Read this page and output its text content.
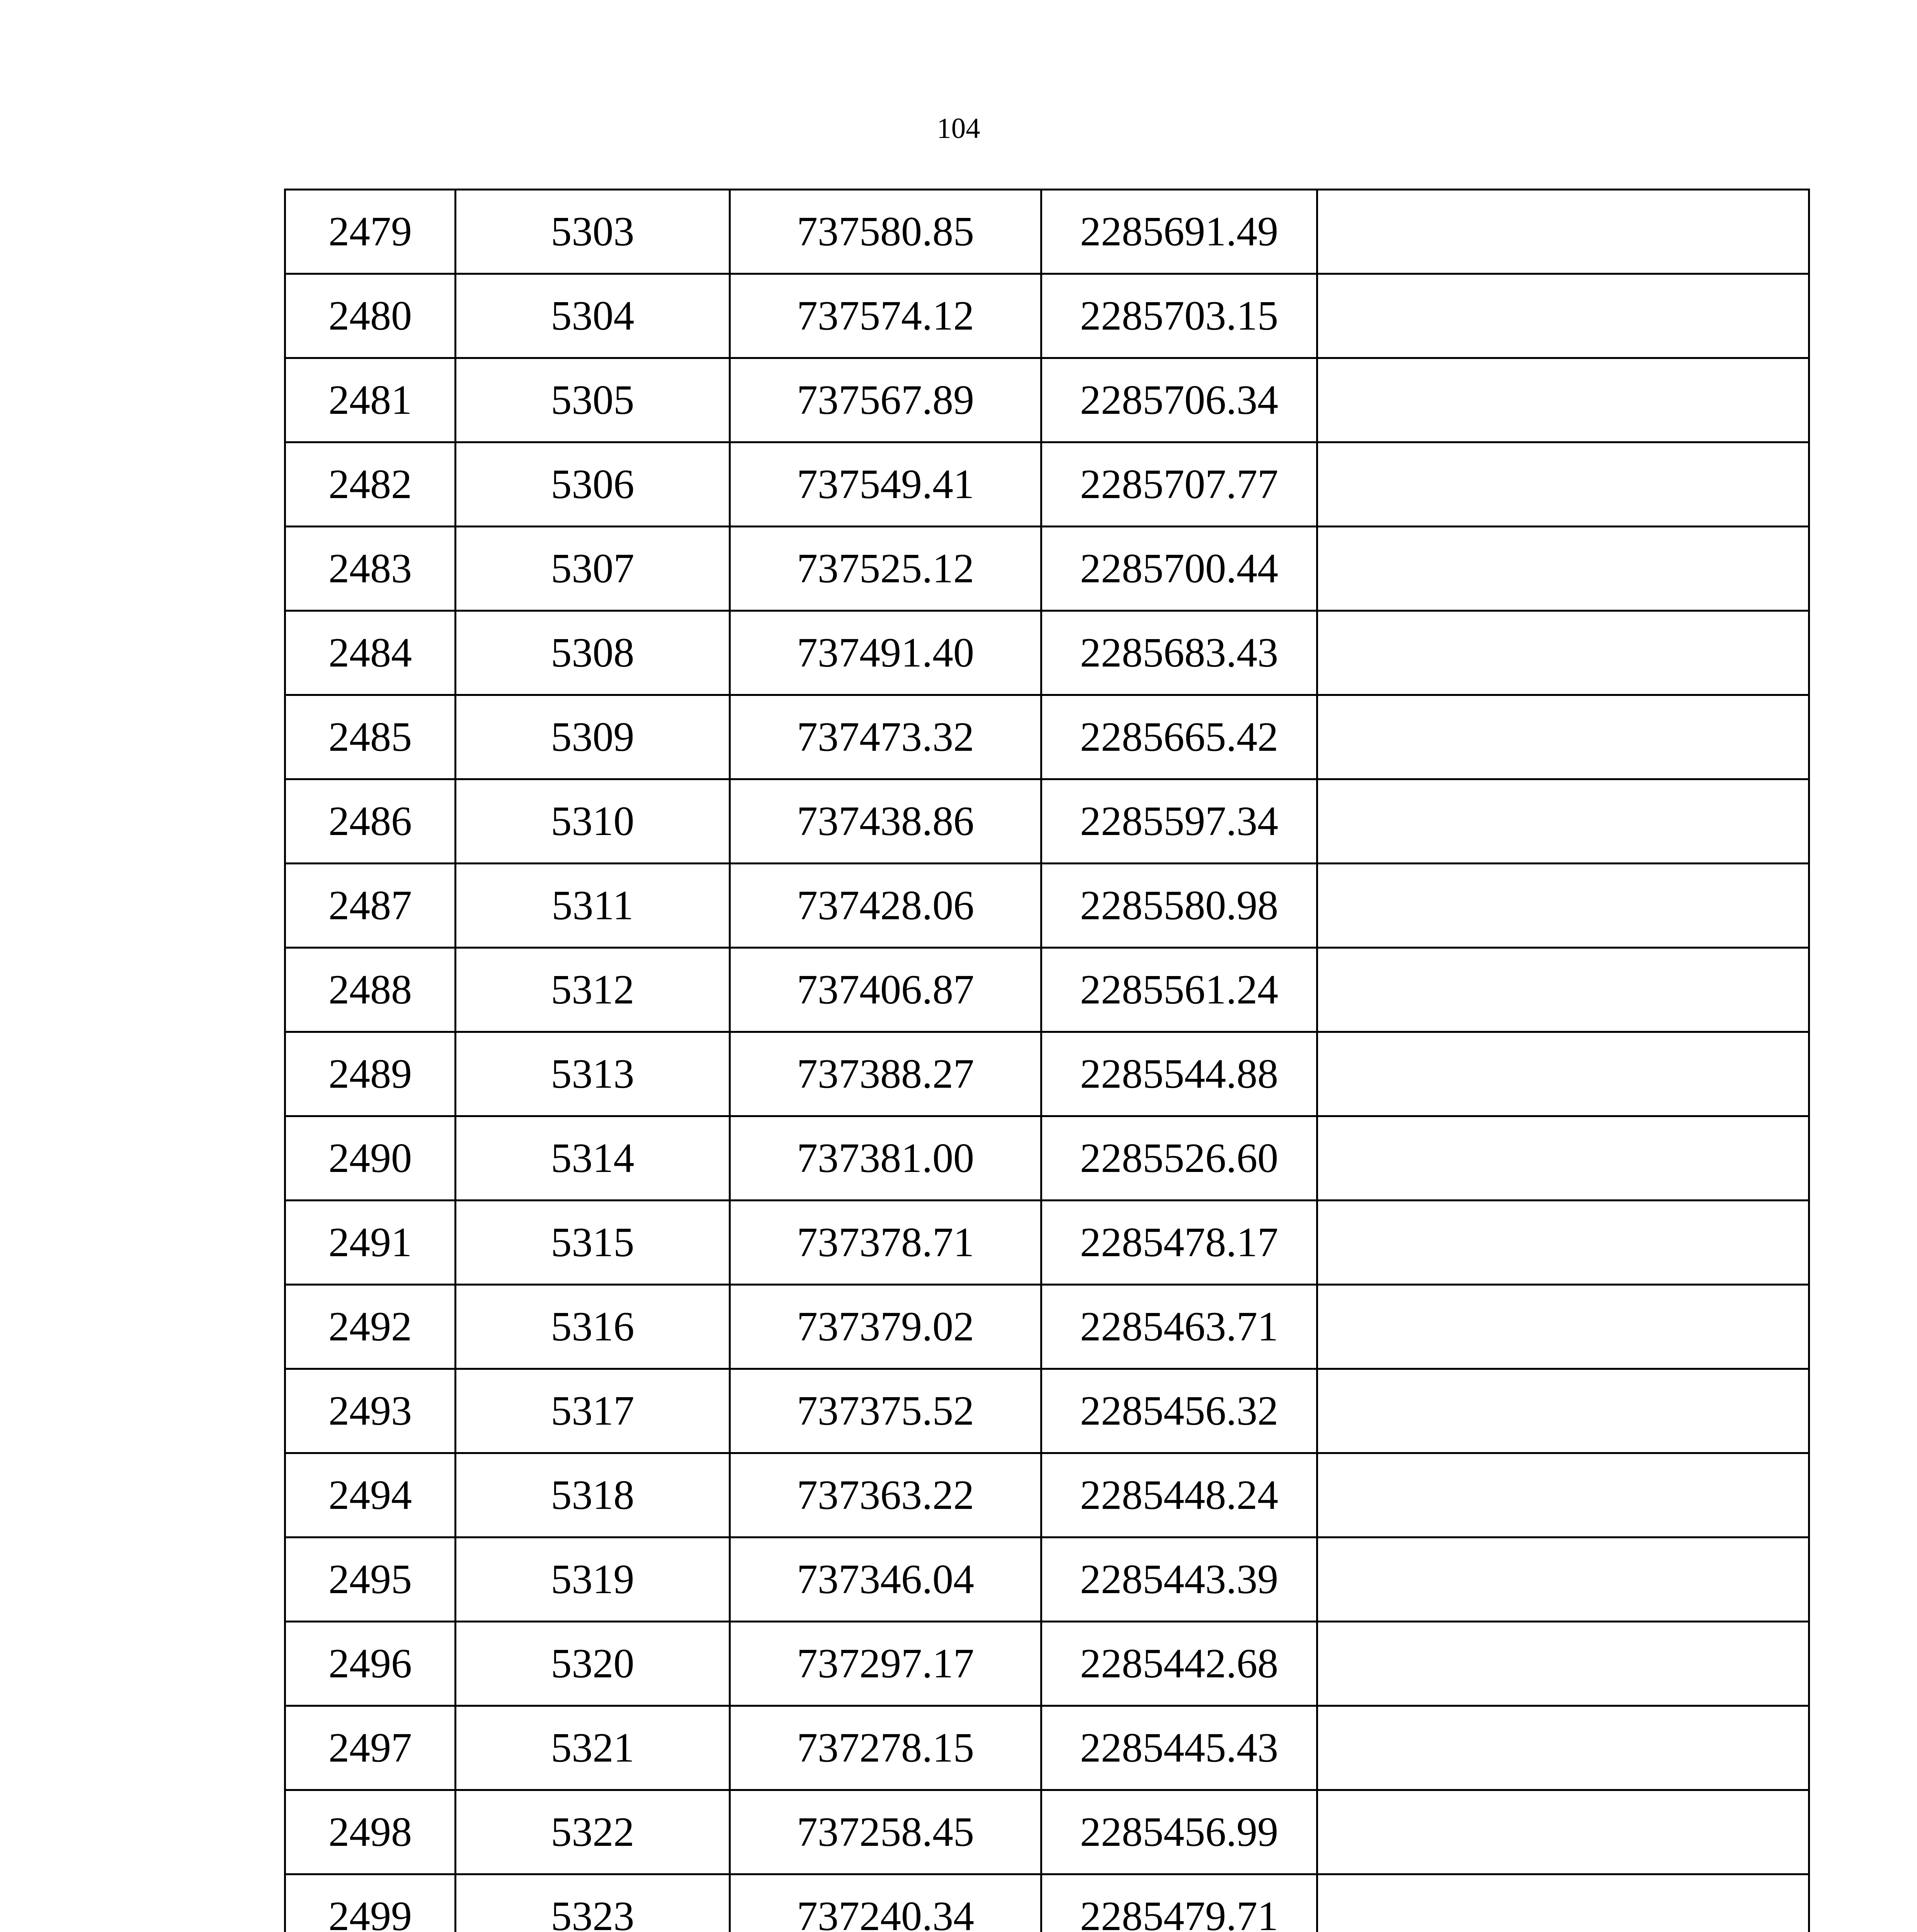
104
2479	5303	737580.85	2285691.49	
2480	5304	737574.12	2285703.15	
2481	5305	737567.89	2285706.34	
2482	5306	737549.41	2285707.77	
2483	5307	737525.12	2285700.44	
2484	5308	737491.40	2285683.43	
2485	5309	737473.32	2285665.42	
2486	5310	737438.86	2285597.34	
2487	5311	737428.06	2285580.98	
2488	5312	737406.87	2285561.24	
2489	5313	737388.27	2285544.88	
2490	5314	737381.00	2285526.60	
2491	5315	737378.71	2285478.17	
2492	5316	737379.02	2285463.71	
2493	5317	737375.52	2285456.32	
2494	5318	737363.22	2285448.24	
2495	5319	737346.04	2285443.39	
2496	5320	737297.17	2285442.68	
2497	5321	737278.15	2285445.43	
2498	5322	737258.45	2285456.99	
2499	5323	737240.34	2285479.71	
